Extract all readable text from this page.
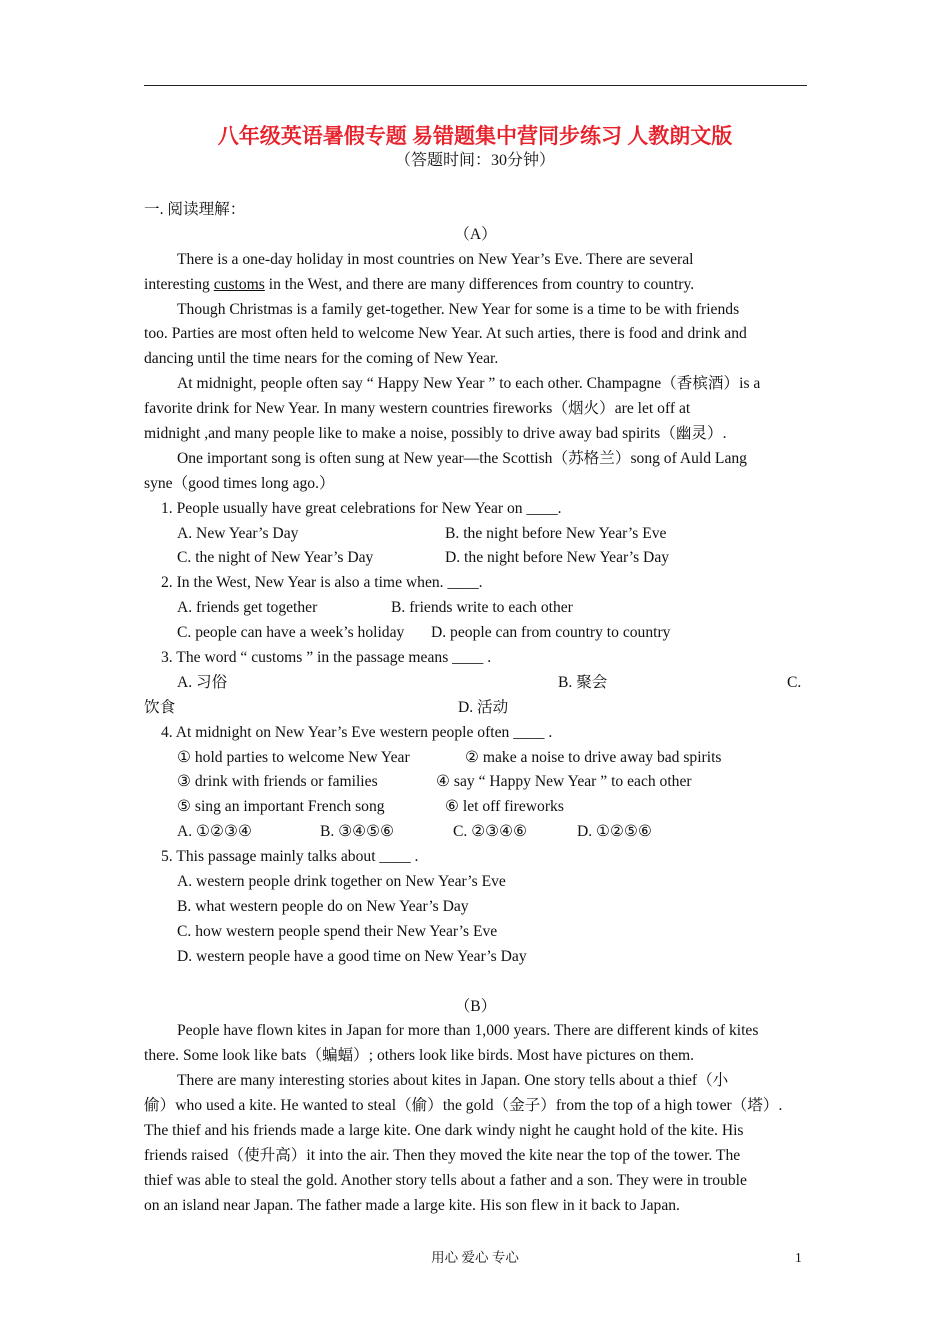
八年级英语暑假专题 易错题集中营同步练习 人教朗文版
（答题时间：30分钟）
一. 阅读理解：
（A）
There is a one-day holiday in most countries on New Year’s Eve. There are several
interesting customs in the West, and there are many differences from country to country.
Though Christmas is a family get-together. New Year for some is a time to be with friends
too. Parties are most often held to welcome New Year. At such arties, there is food and drink and
dancing until the time nears for the coming of New Year.
At midnight, people often say “ Happy New Year ” to each other. Champagne（香槟酒）is a
favorite drink for New Year. In many western countries fireworks（烟火）are let off at
midnight ,and many people like to make a noise, possibly to drive away bad spirits（幽灵）.
One important song is often sung at New year—the Scottish（苏格兰）song of Auld Lang
syne（good times long ago.）
1. People usually have great celebrations for New Year on ____.
A. New Year’s Day	B. the night before New Year’s Eve
C. the night of New Year’s Day	D. the night before New Year’s Day
2. In the West, New Year is also a time when. ____.
A. friends get together	B. friends write to each other
C. people can have a week’s holiday D. people can from country to country
3. The word “ customs ” in the passage means ____ .
A. 习俗	B. 聚会	C.
饮食	D. 活动
4. At midnight on New Year’s Eve western people often ____ .
① hold parties to welcome New Year	② make a noise to drive away bad spirits
③ drink with friends or families	④ say “ Happy New Year ” to each other
⑤ sing an important French song	⑥ let off fireworks
A. ①②③④	B. ③④⑤⑥	C. ②③④⑥	D. ①②⑤⑥
5. This passage mainly talks about ____ .
A. western people drink together on New Year’s Eve
B. what western people do on New Year’s Day
C. how western people spend their New Year’s Eve
D. western people have a good time on New Year’s Day
（B）
People have flown kites in Japan for more than 1,000 years. There are different kinds of kites
there. Some look like bats（蝙蝠）; others look like birds. Most have pictures on them.
There are many interesting stories about kites in Japan. One story tells about a thief（小
偷）who used a kite. He wanted to steal（偷）the gold（金子）from the top of a high tower（塔）.
The thief and his friends made a large kite. One dark windy night he caught hold of the kite. His
friends raised（使升高）it into the air. Then they moved the kite near the top of the tower. The
thief was able to steal the gold. Another story tells about a father and a son. They were in trouble
on an island near Japan. The father made a large kite. His son flew in it back to Japan.
用心 爱心 专心	1
